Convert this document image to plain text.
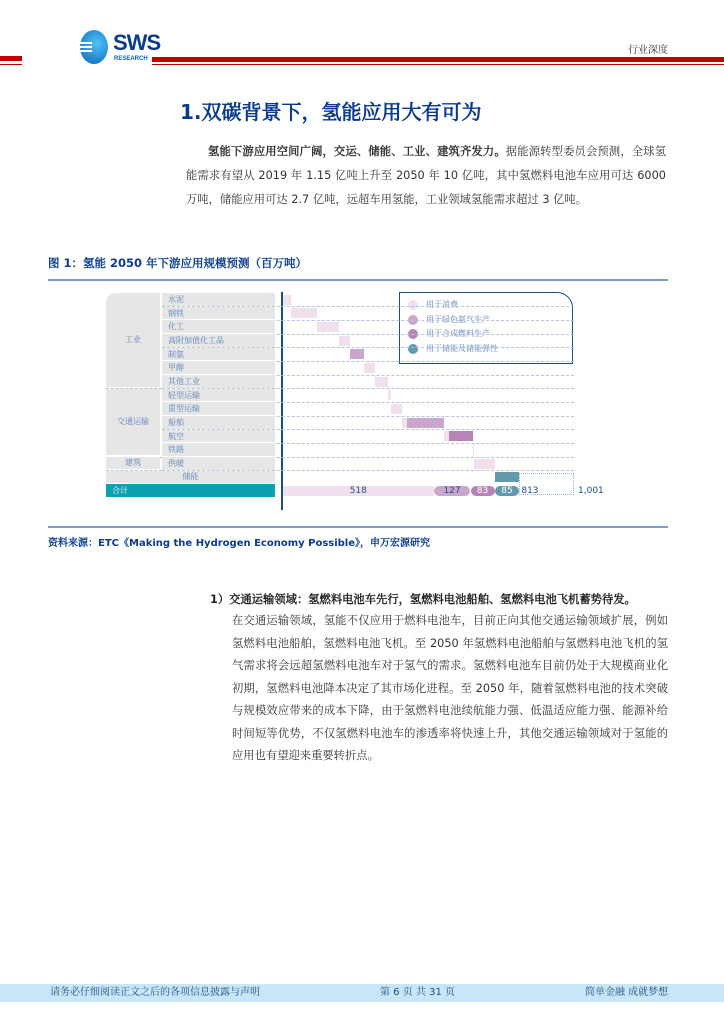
SWS
RESEARCH
行业深度
1.双碳背景下，氢能应用大有可为
氢能下游应用空间广阔，交运、储能、工业、建筑齐发力。据能源转型委员会预测，全球氢能需求有望从 2019 年 1.15 亿吨上升至 2050 年 10 亿吨，其中氢燃料电池车应用可达 6000 万吨，储能应用可达 2.7 亿吨，远超车用氢能，工业领域氢能需求超过 3 亿吨。
图 1：氢能 2050 年下游应用规模预测（百万吨）
用于消费
用于绿色氨气生产
用于合成燃料生产
用于储能及储能弹性
资料来源：ETC《Making the Hydrogen Economy Possible》，申万宏源研究
1）交通运输领域：氢燃料电池车先行，氢燃料电池船舶、氢燃料电池飞机蓄势待发。
在交通运输领域，氢能不仅应用于燃料电池车，目前正向其他交通运输领域扩展，例如氢燃料电池船舶，氢燃料电池飞机。至 2050 年氢燃料电池船舶与氢燃料电池飞机的氢气需求将会远超氢燃料电池车对于氢气的需求。氢燃料电池车目前仍处于大规模商业化初期，氢燃料电池降本决定了其市场化进程。至 2050 年，随着氢燃料电池的技术突破与规模效应带来的成本下降，由于氢燃料电池续航能力强、低温适应能力强、能源补给时间短等优势，不仅氢燃料电池车的渗透率将快速上升，其他交通运输领域对于氢能的应用也有望迎来重要转折点。
请务必仔细阅读正文之后的各项信息披露与声明	第 6 页 共 31 页	简单金融 成就梦想
工业
水泥
钢铁
化工
高附加值化工品
制氨
甲醇
其他工业
交通运输
轻型运输
重型运输
船舶
航空
铁路
建筑	供暖
储能
合计	518	127	83	85 813	1,001
